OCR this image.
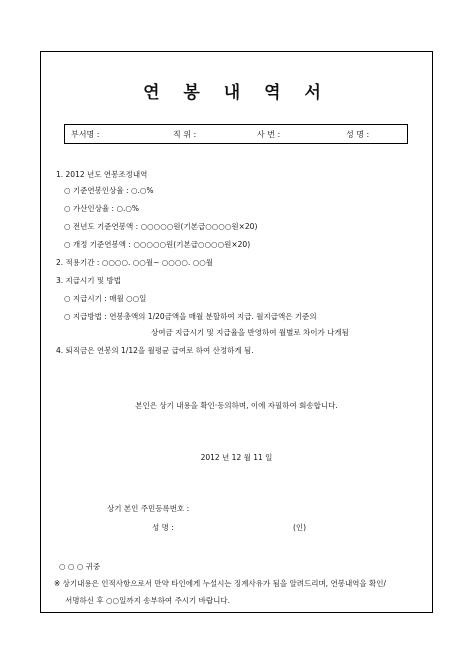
연 봉 내 역 서
부서명 :	직 위 :	사 번 :	성 명 :
1. 2012 년도 연봉조정내역
○ 기준연봉인상율 : ○.○%
○ 가산인상율 : ○.○%
○ 전년도 기준연봉액 : ○○○○○원(기본급○○○○원×20)
○ 개정 기준연봉액 : ○○○○○원(기본급○○○○원×20)
2. 적용기간 : ○○○○. ○○월~ ○○○○. ○○월
3. 지급시기 및 방법
○ 지급시기 : 매월 ○○일
○ 지급방법 : 연봉총액의 1/20금액을 매월 분할하여 지급. 월지급액은 기준의
상여금 지급시기 및 지급율을 반영하여 월별로 차이가 나게됨
4. 퇴직금은 연봉의 1/12을 월평균 급여로 하여 산정하게 됨.
본인은 상기 내용을 확인·동의하며, 이에 자필하여 회송합니다.
2012 년 12 월 11 일
상기 본인 주민등록번호 :
성 명 :	(인)
○ ○ ○ 귀중
※ 상기내용은 인적사항으로서 만약 타인에게 누설시는 징계사유가 됨을 알려드리며, 연봉내역을 확인/
서명하신 후 ○○일까지 송부하여 주시기 바랍니다.
